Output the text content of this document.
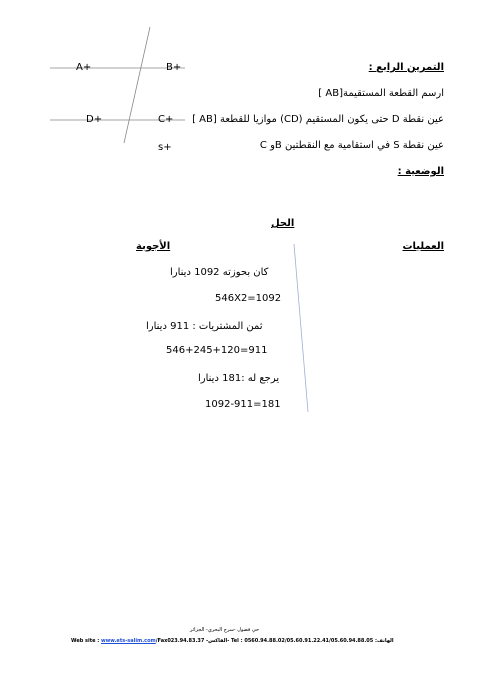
A+	B+
D+	C+
s+
التمرين الرابع :
ارسم القطعة المستقيمة[AB ]
عين نقطة D حتى يكون المستقيم (CD) موازيا للقطعة [AB ]
عين نقطة S في استقامية مع النقطتين Bو C
الوضعية :
الحل
العمليات
الأجوبة
كان بحوزته 1092 دينارا
546X2=1092
ثمن المشتريات : 911 دينارا
546+245+120=911
يرجع له :181 دينارا
1092-911=181
حي فضول -سرج البحري- الجزائر
Web site : www.ets-salim.com/Fax023.94.83.37 -الفاكس- Tel : 0560.94.88.02/05.60.91.22.41/05.60.94.88.05 :الهاتف
